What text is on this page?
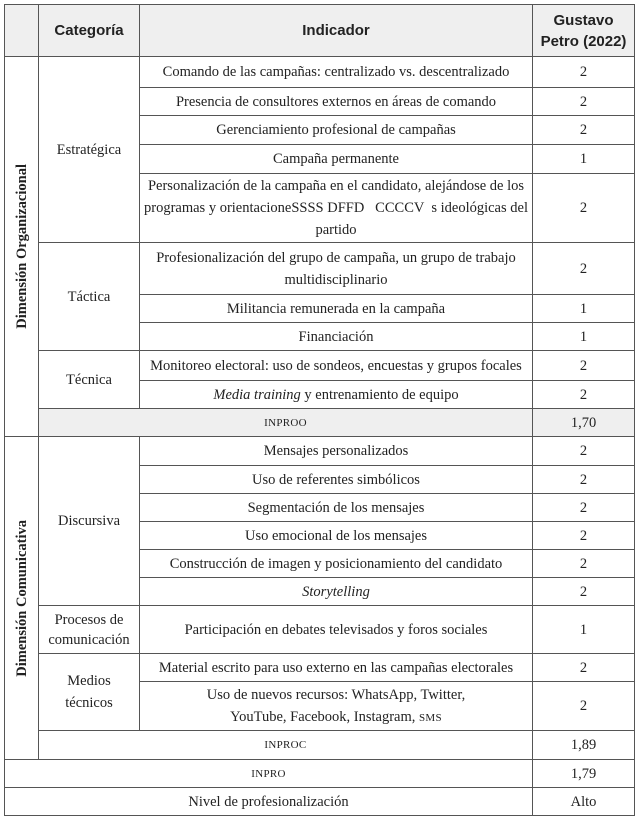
	Categoría	Indicador	Gustavo Petro (2022)

Dimensión Organizacional	Estratégica	Comando de las campañas: centralizado vs. descentralizado	2
		Presencia de consultores externos en áreas de comando	2
		Gerenciamiento profesional de campañas	2
		Campaña permanente	1
		Personalización de la campaña en el candidato, alejándose de los programas y orientacioneSSSS DFFD   CCCCV  s ideológicas del partido	2
	Táctica	Profesionalización del grupo de campaña, un grupo de trabajo multidisciplinario	2
		Militancia remunerada en la campaña	1
		Financiación	1
	Técnica	Monitoreo electoral: uso de sondeos, encuestas y grupos focales	2
		Media training y entrenamiento de equipo	2
	INPROO		1,70

Dimensión Comunicativa	Discursiva	Mensajes personalizados	2
		Uso de referentes simbólicos	2
		Segmentación de los mensajes	2
		Uso emocional de los mensajes	2
		Construcción de imagen y posicionamiento del candidato	2
		Storytelling	2
	Procesos de comunicación	Participación en debates televisados y foros sociales	1
	Medios técnicos	Material escrito para uso externo en las campañas electorales	2
		Uso de nuevos recursos: WhatsApp, Twitter, YouTube, Facebook, Instagram, SMS	2
	INPROC		1,89
INPRO			1,79
Nivel de profesionalización			Alto
